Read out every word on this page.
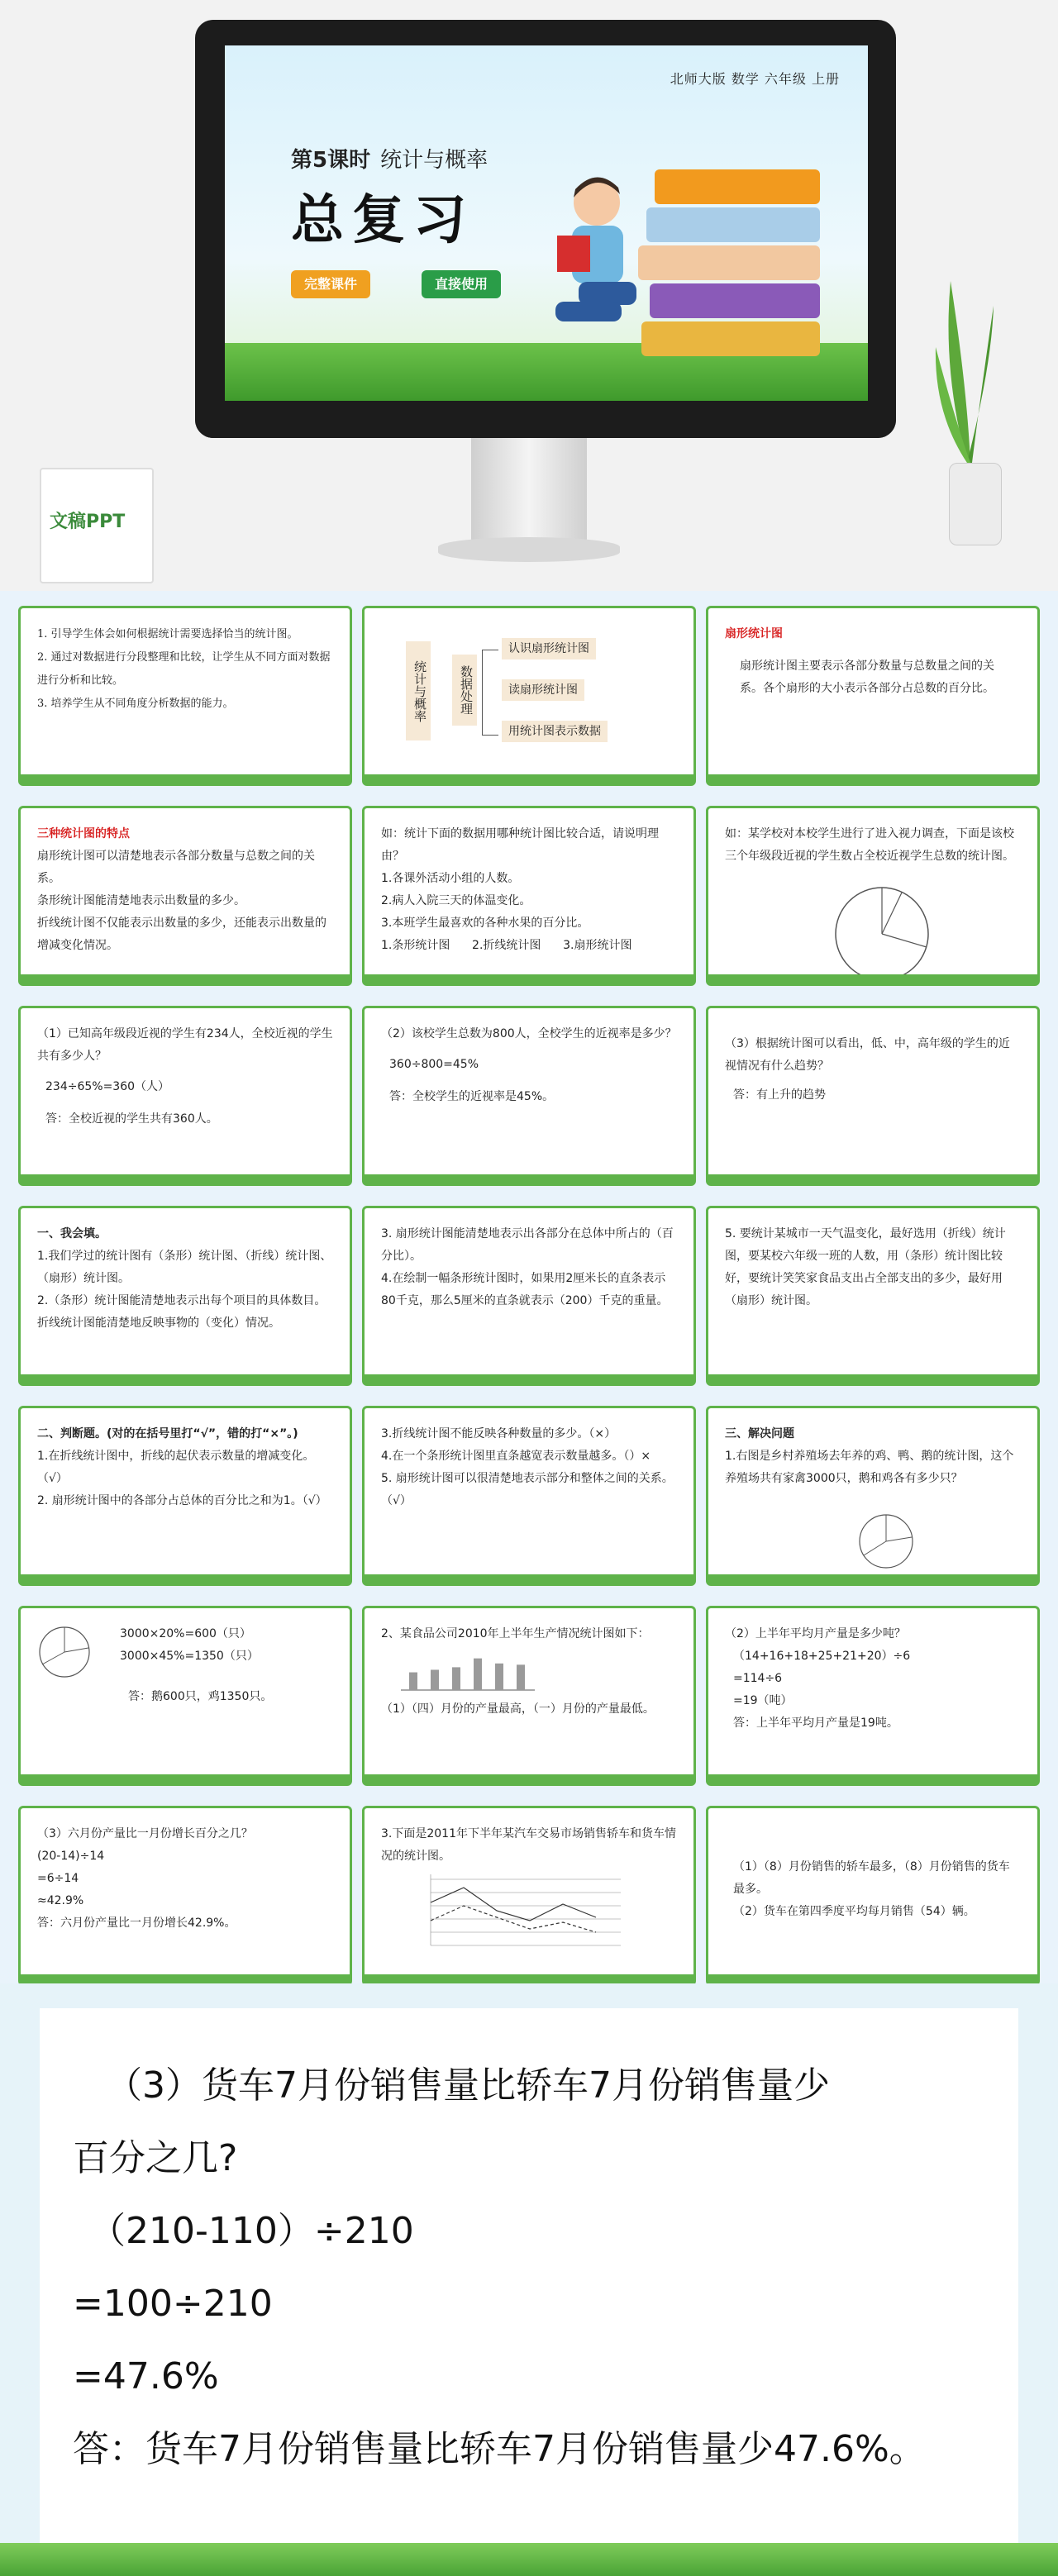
北师大版 数学 六年级 上册
第5课时 统计与概率
总复习
完整课件	直接使用
文稿PPT
1. 引导学生体会如何根据统计需要选择恰当的统计图。
2. 通过对数据进行分段整理和比较，让学生从不同方面对数据进行分析和比较。
3. 培养学生从不同角度分析数据的能力。	统计与概率	数据处理
认识扇形统计图
读扇形统计图
用统计图表示数据
扇形统计图
扇形统计图主要表示各部分数量与总数量之间的关系。各个扇形的大小表示各部分占总数的百分比。
三种统计图的特点
扇形统计图可以清楚地表示各部分数量与总数之间的关系。
条形统计图能清楚地表示出数量的多少。
折线统计图不仅能表示出数量的多少，还能表示出数量的增减变化情况。
如：统计下面的数据用哪种统计图比较合适，请说明理由？
1.各课外活动小组的人数。
2.病人入院三天的体温变化。
3.本班学生最喜欢的各种水果的百分比。
1.条形统计图      2.折线统计图      3.扇形统计图
如：某学校对本校学生进行了进入视力调查，下面是该校三个年级段近视的学生数占全校近视学生总数的统计图。
（1）已知高年级段近视的学生有234人，全校近视的学生共有多少人？
234÷65%=360（人）
答：全校近视的学生共有360人。
（2）该校学生总数为800人，全校学生的近视率是多少？
360÷800=45%
答：全校学生的近视率是45%。
（3）根据统计图可以看出，低、中，高年级的学生的近视情况有什么趋势？
答：有上升的趋势
一、我会填。
1.我们学过的统计图有（条形）统计图、（折线）统计图、（扇形）统计图。
2.（条形）统计图能清楚地表示出每个项目的具体数目。折线统计图能清楚地反映事物的（变化）情况。
3. 扇形统计图能清楚地表示出各部分在总体中所占的（百分比）。
4.在绘制一幅条形统计图时，如果用2厘米长的直条表示80千克，那么5厘米的直条就表示（200）千克的重量。
5. 要统计某城市一天气温变化，最好选用（折线）统计图，要某校六年级一班的人数，用（条形）统计图比较好，要统计笑笑家食品支出占全部支出的多少，最好用（扇形）统计图。
二、判断题。(对的在括号里打“√”，错的打“×”。)
1.在折线统计图中，折线的起伏表示数量的增减变化。（√）
2. 扇形统计图中的各部分占总体的百分比之和为1。（√）
3.折线统计图不能反映各种数量的多少。（×）
4.在一个条形统计图里直条越宽表示数量越多。（）×
5. 扇形统计图可以很清楚地表示部分和整体之间的关系。（√）
三、解决问题
1.右图是乡村养殖场去年养的鸡、鸭、鹅的统计图，这个养殖场共有家禽3000只，鹅和鸡各有多少只？
3000×20%=600（只）
3000×45%=1350（只）
答：鹅600只，鸡1350只。
2、某食品公司2010年上半年生产情况统计图如下：
（1）（四）月份的产量最高，（一）月份的产量最低。
（2）上半年平均月产量是多少吨？
（14+16+18+25+21+20）÷6
=114÷6
=19（吨）
答：上半年平均月产量是19吨。
（3）六月份产量比一月份增长百分之几？
(20-14)÷14
=6÷14
≈42.9%
答：六月份产量比一月份增长42.9%。
3.下面是2011年下半年某汽车交易市场销售轿车和货车情况的统计图。
（1）（8）月份销售的轿车最多，（8）月份销售的货车最多。
（2）货车在第四季度平均每月销售（54）辆。
（3）货车7月份销售量比轿车7月份销售量少
百分之几?
（210-110）÷210
=100÷210
=47.6%
答：货车7月份销售量比轿车7月份销售量少47.6%。
